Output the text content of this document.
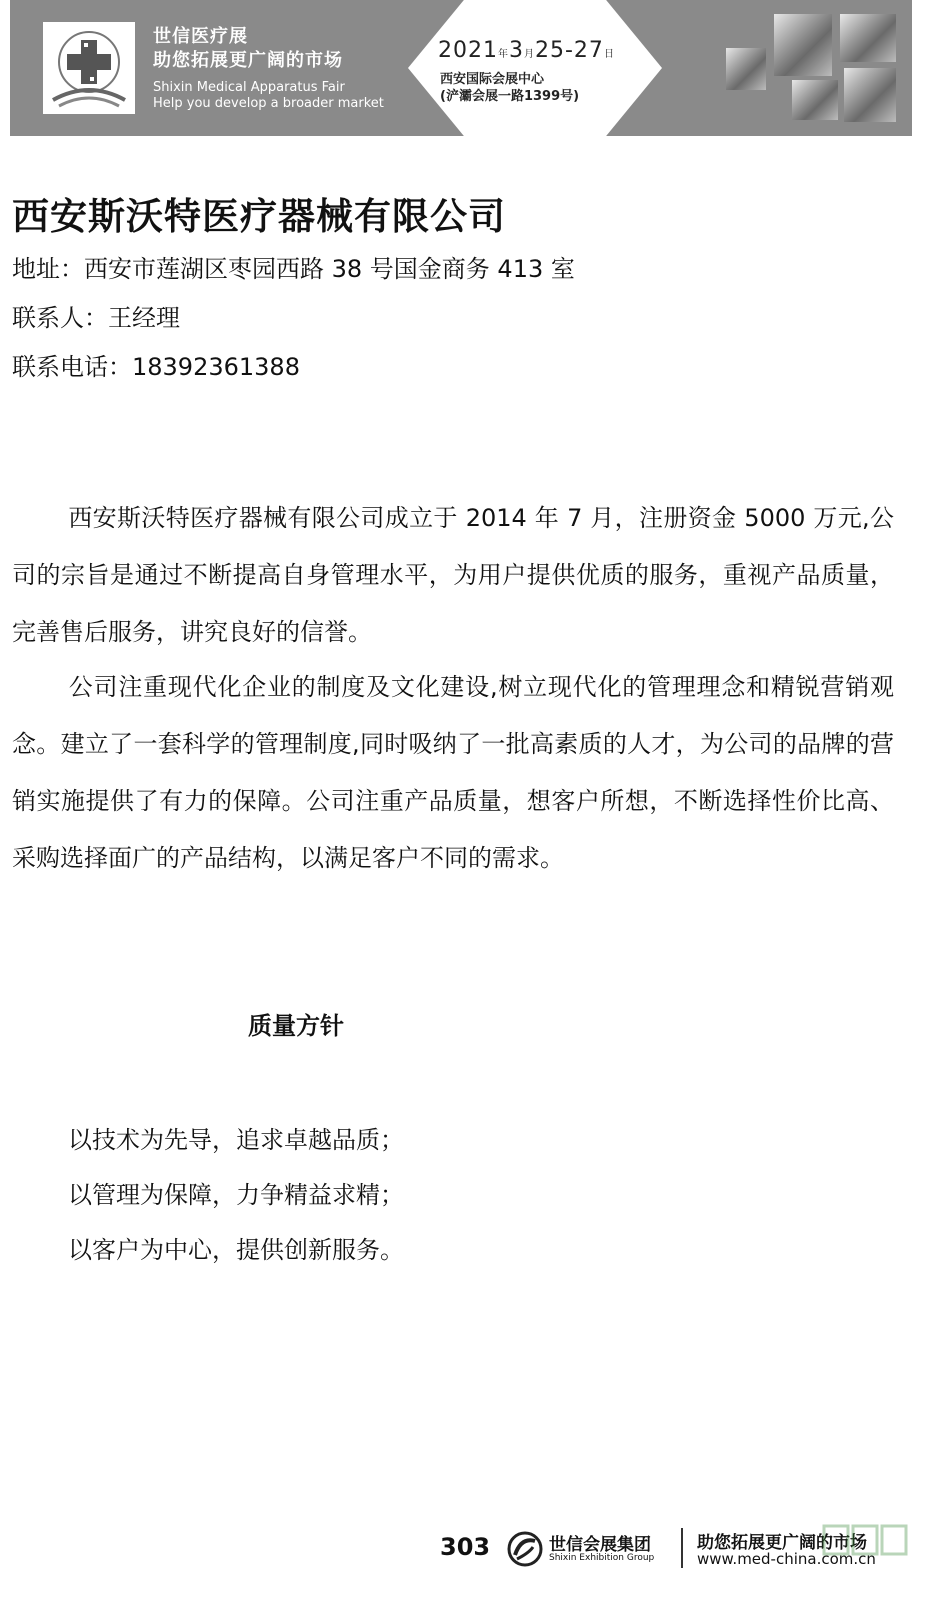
世信医疗展
助您拓展更广阔的市场
Shixin Medical Apparatus Fair
Help you develop a broader market
2021年3月25-27日
西安国际会展中心
(浐灞会展一路1399号)
西安斯沃特医疗器械有限公司
地址：西安市莲湖区枣园西路 38 号国金商务 413 室
联系人：王经理
联系电话：18392361388

西安斯沃特医疗器械有限公司成立于 2014 年 7 月，注册资金 5000 万元,公司的宗旨是通过不断提高自身管理水平，为用户提供优质的服务，重视产品质量，完善售后服务，讲究良好的信誉。

公司注重现代化企业的制度及文化建设,树立现代化的管理理念和精锐营销观念。建立了一套科学的管理制度,同时吸纳了一批高素质的人才，为公司的品牌的营销实施提供了有力的保障。公司注重产品质量，想客户所想，不断选择性价比高、采购选择面广的产品结构，以满足客户不同的需求。

质量方针
以技术为先导，追求卓越品质；
以管理为保障，力争精益求精；
以客户为中心，提供创新服务。
303	世信会展集团
Shixin Exhibition Group
助您拓展更广阔的市场
www.med-china.com.cn
